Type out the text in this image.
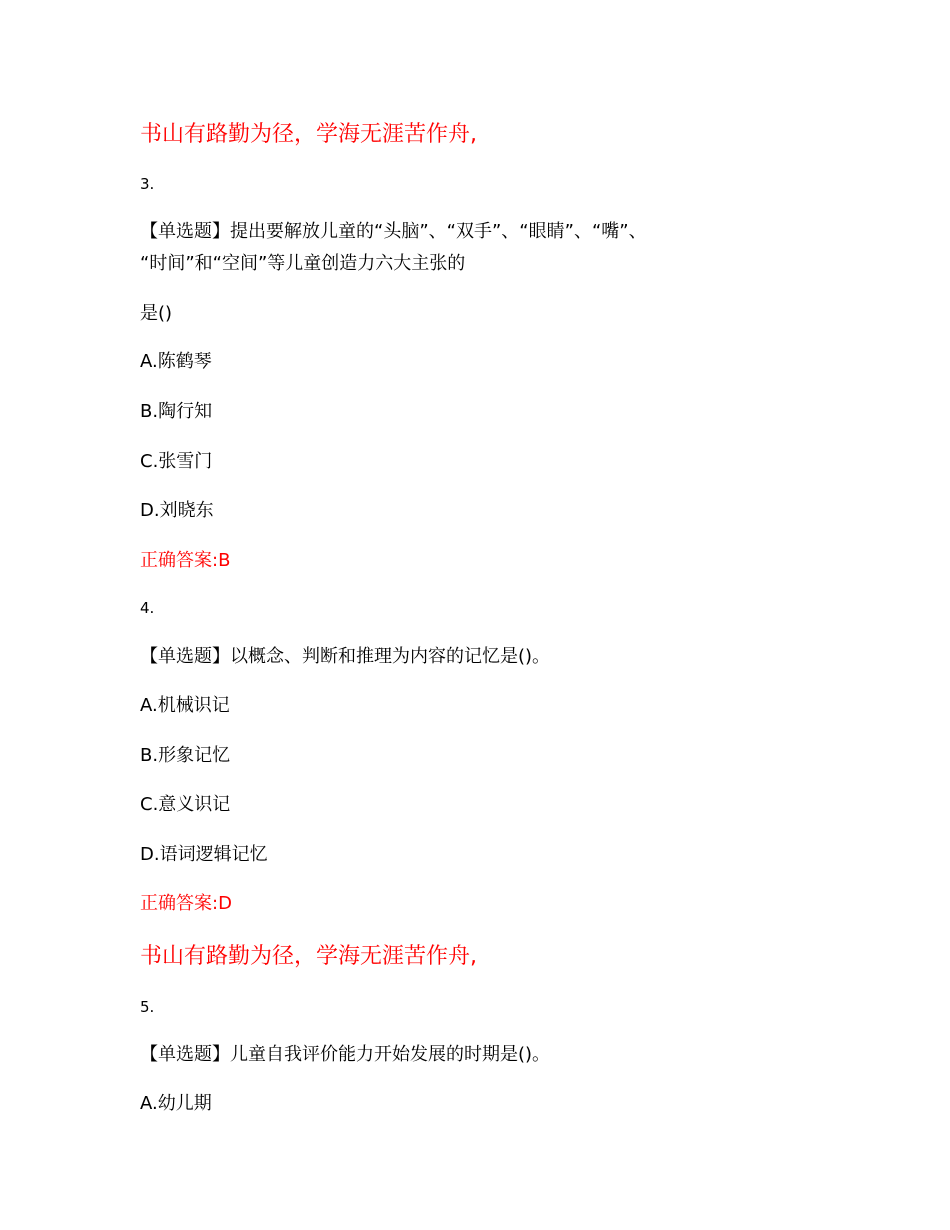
书山有路勤为径，学海无涯苦作舟,
3.
【单选题】提出要解放儿童的“头脑”、“双手”、“眼睛”、“嘴”、
“时间”和“空间”等儿童创造力六大主张的
是()
A.陈鹤琴
B.陶行知
C.张雪门
D.刘晓东
正确答案:B
4.
【单选题】以概念、判断和推理为内容的记忆是()。
A.机械识记
B.形象记忆
C.意义识记
D.语词逻辑记忆
正确答案:D
书山有路勤为径，学海无涯苦作舟,
5.
【单选题】儿童自我评价能力开始发展的时期是()。
A.幼儿期
